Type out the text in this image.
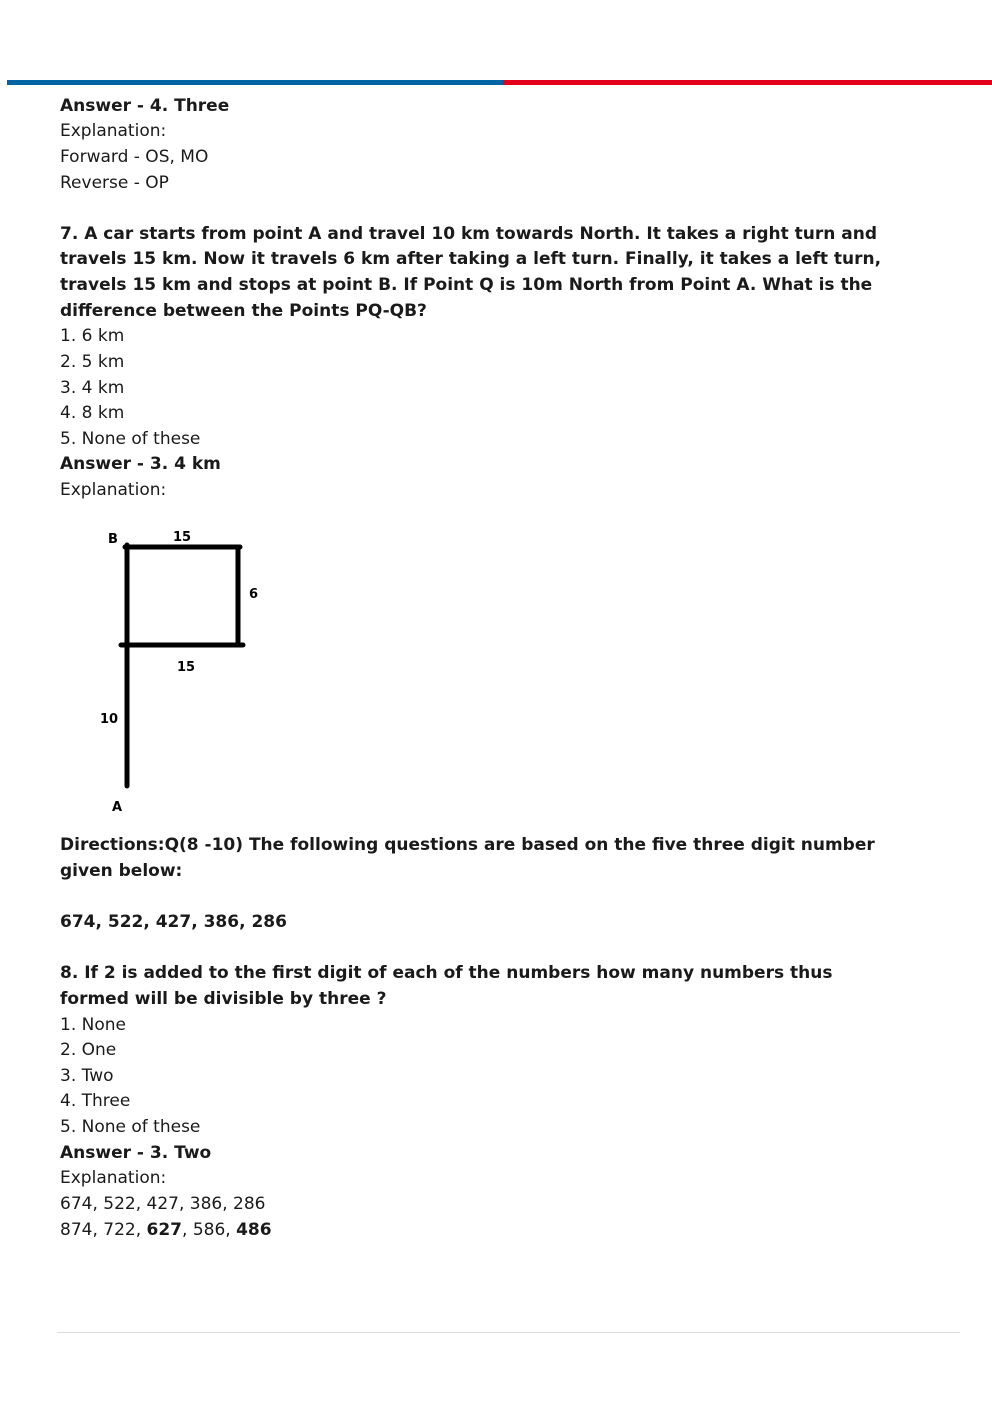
Answer - 4. Three
Explanation:
Forward - OS, MO
Reverse - OP
7. A car starts from point A and travel 10 km towards North. It takes a right turn and
travels 15 km. Now it travels 6 km after taking a left turn. Finally, it takes a left turn,
travels 15 km and stops at point B. If Point Q is 10m North from Point A. What is the
difference between the Points PQ-QB?
1. 6 km
2. 5 km
3. 4 km
4. 8 km
5. None of these
Answer - 3. 4 km
Explanation:
B	15
6
15
10
A
Directions:Q(8 -10) The following questions are based on the five three digit number
given below:
674, 522, 427, 386, 286
8. If 2 is added to the first digit of each of the numbers how many numbers thus
formed will be divisible by three ?
1. None
2. One
3. Two
4. Three
5. None of these
Answer - 3. Two
Explanation:
674, 522, 427, 386, 286
874, 722, 627, 586, 486
